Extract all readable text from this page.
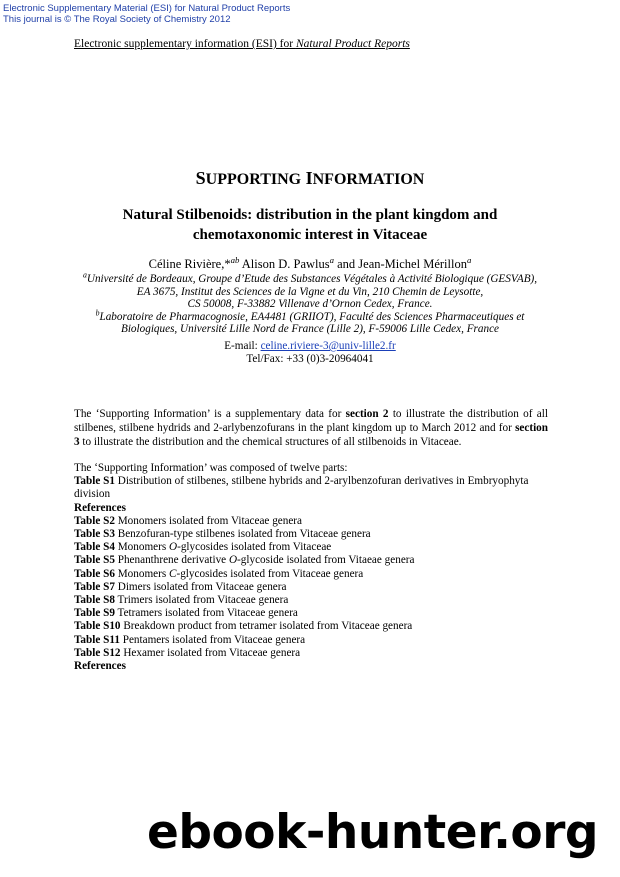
Electronic Supplementary Material (ESI) for Natural Product Reports
This journal is © The Royal Society of Chemistry 2012
Electronic supplementary information (ESI) for Natural Product Reports
SUPPORTING INFORMATION
Natural Stilbenoids: distribution in the plant kingdom and
chemotaxonomic interest in Vitaceae
Céline Rivière,*$^{ab}$ Alison D. Pawlus$^a$ and Jean-Michel Mérillon$^a$
$^a$Université de Bordeaux, Groupe d’Etude des Substances Végétales à Activité Biologique (GESVAB),
EA 3675, Institut des Sciences de la Vigne et du Vin, 210 Chemin de Leysotte,
CS 50008, F-33882 Villenave d’Ornon Cedex, France.
$^b$Laboratoire de Pharmacognosie, EA4481 (GRIIOT), Faculté des Sciences Pharmaceutiques et
Biologiques, Université Lille Nord de France (Lille 2), F-59006 Lille Cedex, France
E-mail: celine.riviere-3@univ-lille2.fr
Tel/Fax: +33 (0)3-20964041
The ‘Supporting Information’ is a supplementary data for section 2 to illustrate the distribution of all stilbenes, stilbene hydrids and 2-arlybenzofurans in the plant kingdom up to March 2012 and for section 3 to illustrate the distribution and the chemical structures of all stilbenoids in Vitaceae.
The ‘Supporting Information’ was composed of twelve parts:
Table S1 Distribution of stilbenes, stilbene hybrids and 2-arylbenzofuran derivatives in Embryophyta division
References
Table S2 Monomers isolated from Vitaceae genera
Table S3 Benzofuran-type stilbenes isolated from Vitaceae genera
Table S4 Monomers O-glycosides isolated from Vitaceae
Table S5 Phenanthrene derivative O-glycoside isolated from Vitaeae genera
Table S6 Monomers C-glycosides isolated from Vitaceae genera
Table S7 Dimers isolated from Vitaceae genera
Table S8 Trimers isolated from Vitaceae genera
Table S9 Tetramers isolated from Vitaceae genera
Table S10 Breakdown product from tetramer isolated from Vitaceae genera
Table S11 Pentamers isolated from Vitaceae genera
Table S12 Hexamer isolated from Vitaceae genera
References
ebook-hunter.org
